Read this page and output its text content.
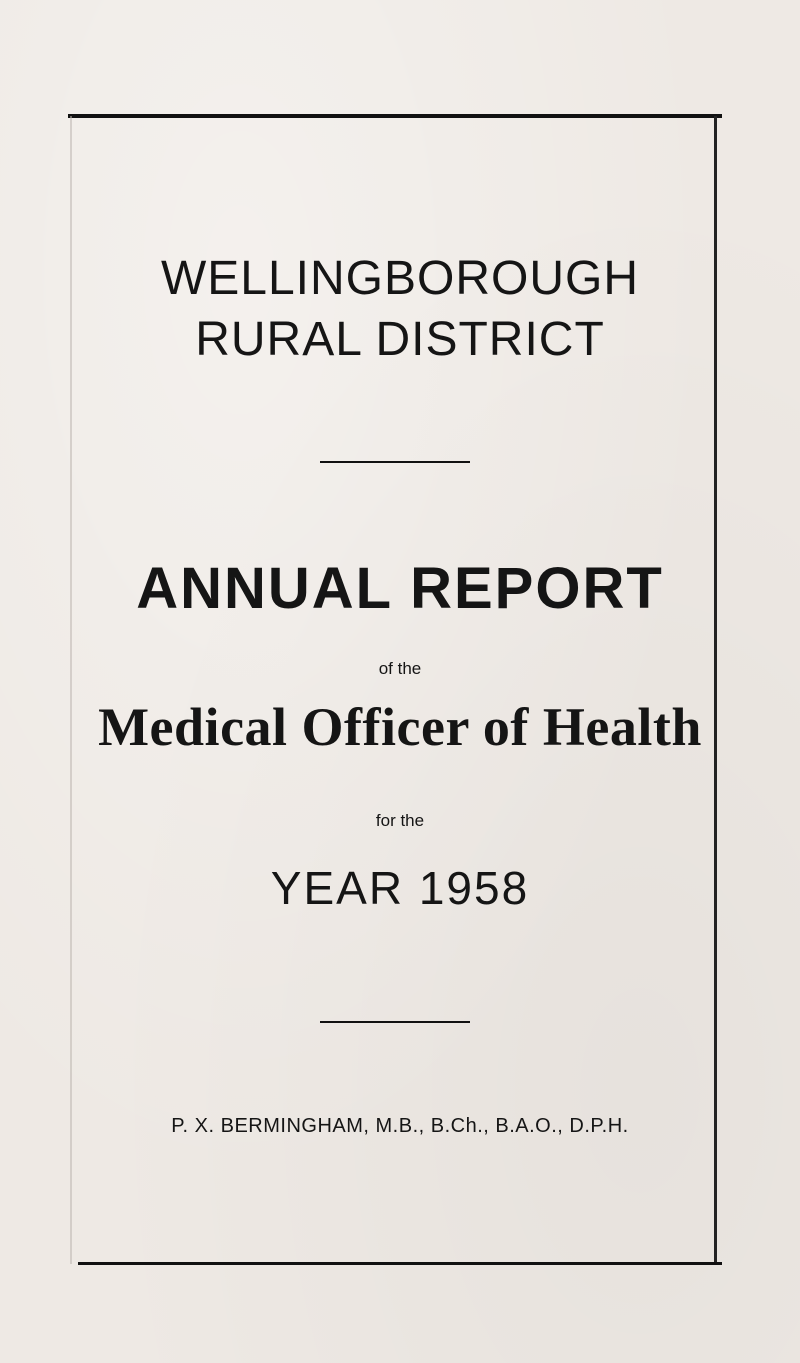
WELLINGBOROUGH
RURAL DISTRICT
ANNUAL REPORT
of the
Medical Officer of Health
for the
YEAR 1958
P. X. BERMINGHAM, M.B., B.Ch., B.A.O., D.P.H.
